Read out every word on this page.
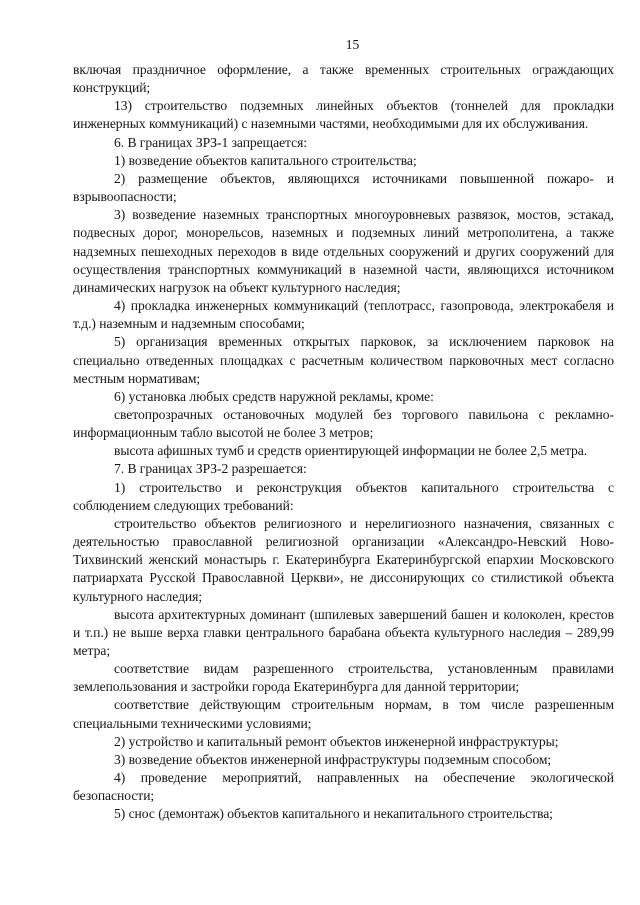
15

включая праздничное оформление, а также временных строительных ограждающих конструкций;

13) строительство подземных линейных объектов (тоннелей для прокладки инженерных коммуникаций) с наземными частями, необходимыми для их обслуживания.

6. В границах ЗРЗ-1 запрещается:

1) возведение объектов капитального строительства;

2) размещение объектов, являющихся источниками повышенной пожаро- и взрывоопасности;

3) возведение наземных транспортных многоуровневых развязок, мостов, эстакад, подвесных дорог, монорельсов, наземных и подземных линий метрополитена, а также надземных пешеходных переходов в виде отдельных сооружений и других сооружений для осуществления транспортных коммуникаций в наземной части, являющихся источником динамических нагрузок на объект культурного наследия;

4) прокладка инженерных коммуникаций (теплотрасс, газопровода, электрокабеля и т.д.) наземным и надземным способами;

5) организация временных открытых парковок, за исключением парковок на специально отведенных площадках с расчетным количеством парковочных мест согласно местным нормативам;

6) установка любых средств наружной рекламы, кроме:

светопрозрачных остановочных модулей без торгового павильона с рекламно-информационным табло высотой не более 3 метров;

высота афишных тумб и средств ориентирующей информации не более 2,5 метра.

7. В границах ЗРЗ-2 разрешается:

1) строительство и реконструкция объектов капитального строительства с соблюдением следующих требований:

строительство объектов религиозного и нерелигиозного назначения, связанных с деятельностью православной религиозной организации «Александро-Невский Ново-Тихвинский женский монастырь г. Екатеринбурга Екатеринбургской епархии Московского патриархата Русской Православной Церкви», не диссонирующих со стилистикой объекта культурного наследия;

высота архитектурных доминант (шпилевых завершений башен и колоколен, крестов и т.п.) не выше верха главки центрального барабана объекта культурного наследия – 289,99 метра;

соответствие видам разрешенного строительства, установленным правилами землепользования и застройки города Екатеринбурга для данной территории;

соответствие действующим строительным нормам, в том числе разрешенным специальными техническими условиями;

2) устройство и капитальный ремонт объектов инженерной инфраструктуры;

3) возведение объектов инженерной инфраструктуры подземным способом;

4) проведение мероприятий, направленных на обеспечение экологической безопасности;

5) снос (демонтаж) объектов капитального и некапитального строительства;
